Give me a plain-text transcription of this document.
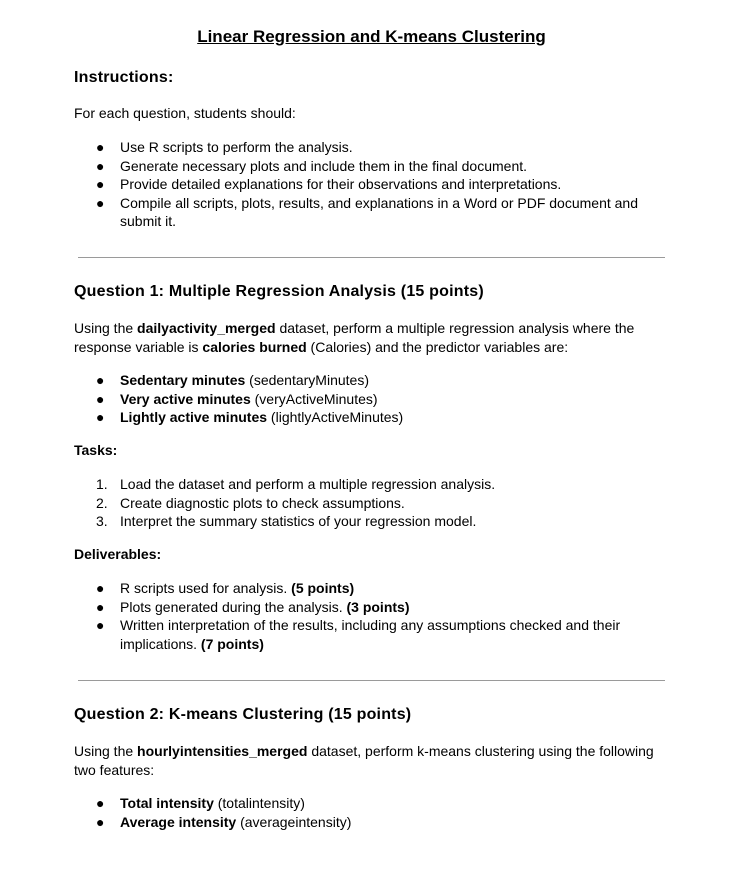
Linear Regression and K-means Clustering
Instructions:
For each question, students should:
● Use R scripts to perform the analysis.
● Generate necessary plots and include them in the final document.
● Provide detailed explanations for their observations and interpretations.
● Compile all scripts, plots, results, and explanations in a Word or PDF document and submit it.
Question 1: Multiple Regression Analysis (15 points)
Using the dailyactivity_merged dataset, perform a multiple regression analysis where the response variable is calories burned (Calories) and the predictor variables are:
● Sedentary minutes (sedentaryMinutes)
● Very active minutes (veryActiveMinutes)
● Lightly active minutes (lightlyActiveMinutes)
Tasks:
1. Load the dataset and perform a multiple regression analysis.
2. Create diagnostic plots to check assumptions.
3. Interpret the summary statistics of your regression model.
Deliverables:
● R scripts used for analysis. (5 points)
● Plots generated during the analysis. (3 points)
● Written interpretation of the results, including any assumptions checked and their implications. (7 points)
Question 2: K-means Clustering (15 points)
Using the hourlyintensities_merged dataset, perform k-means clustering using the following two features:
● Total intensity (totalintensity)
● Average intensity (averageintensity)
